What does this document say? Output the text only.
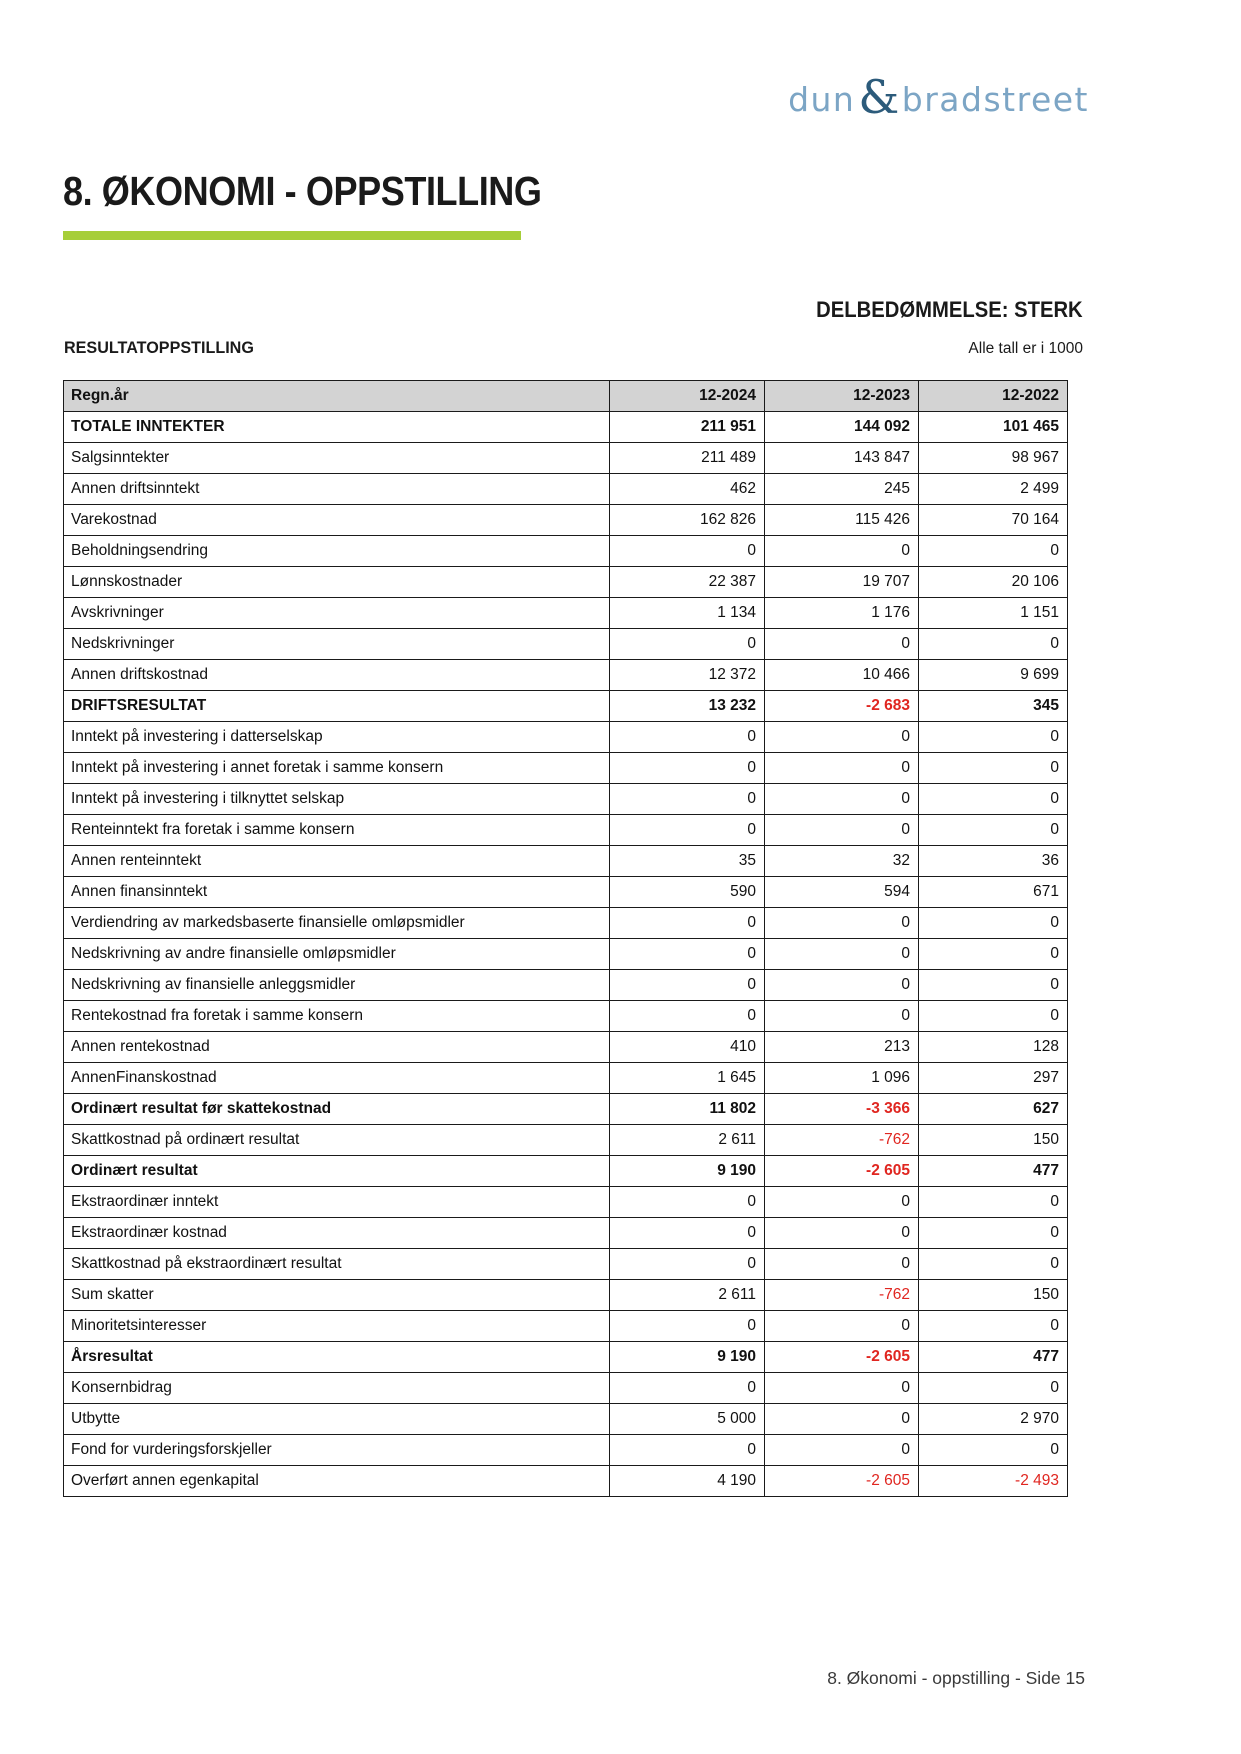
dun & bradstreet
8. ØKONOMI - OPPSTILLING
DELBEDØMMELSE: STERK
RESULTATOPPSTILLING	Alle tall er i 1000
Regn.år	12-2024	12-2023	12-2022
TOTALE INNTEKTER	211 951	144 092	101 465
Salgsinntekter	211 489	143 847	98 967
Annen driftsinntekt	462	245	2 499
Varekostnad	162 826	115 426	70 164
Beholdningsendring	0	0	0
Lønnskostnader	22 387	19 707	20 106
Avskrivninger	1 134	1 176	1 151
Nedskrivninger	0	0	0
Annen driftskostnad	12 372	10 466	9 699
DRIFTSRESULTAT	13 232	-2 683	345
Inntekt på investering i datterselskap	0	0	0
Inntekt på investering i annet foretak i samme konsern	0	0	0
Inntekt på investering i tilknyttet selskap	0	0	0
Renteinntekt fra foretak i samme konsern	0	0	0
Annen renteinntekt	35	32	36
Annen finansinntekt	590	594	671
Verdiendring av markedsbaserte finansielle omløpsmidler	0	0	0
Nedskrivning av andre finansielle omløpsmidler	0	0	0
Nedskrivning av finansielle anleggsmidler	0	0	0
Rentekostnad fra foretak i samme konsern	0	0	0
Annen rentekostnad	410	213	128
AnnenFinanskostnad	1 645	1 096	297
Ordinært resultat før skattekostnad	11 802	-3 366	627
Skattkostnad på ordinært resultat	2 611	-762	150
Ordinært resultat	9 190	-2 605	477
Ekstraordinær inntekt	0	0	0
Ekstraordinær kostnad	0	0	0
Skattkostnad på ekstraordinært resultat	0	0	0
Sum skatter	2 611	-762	150
Minoritetsinteresser	0	0	0
Årsresultat	9 190	-2 605	477
Konsernbidrag	0	0	0
Utbytte	5 000	0	2 970
Fond for vurderingsforskjeller	0	0	0
Overført annen egenkapital	4 190	-2 605	-2 493
8. Økonomi - oppstilling - Side 15
